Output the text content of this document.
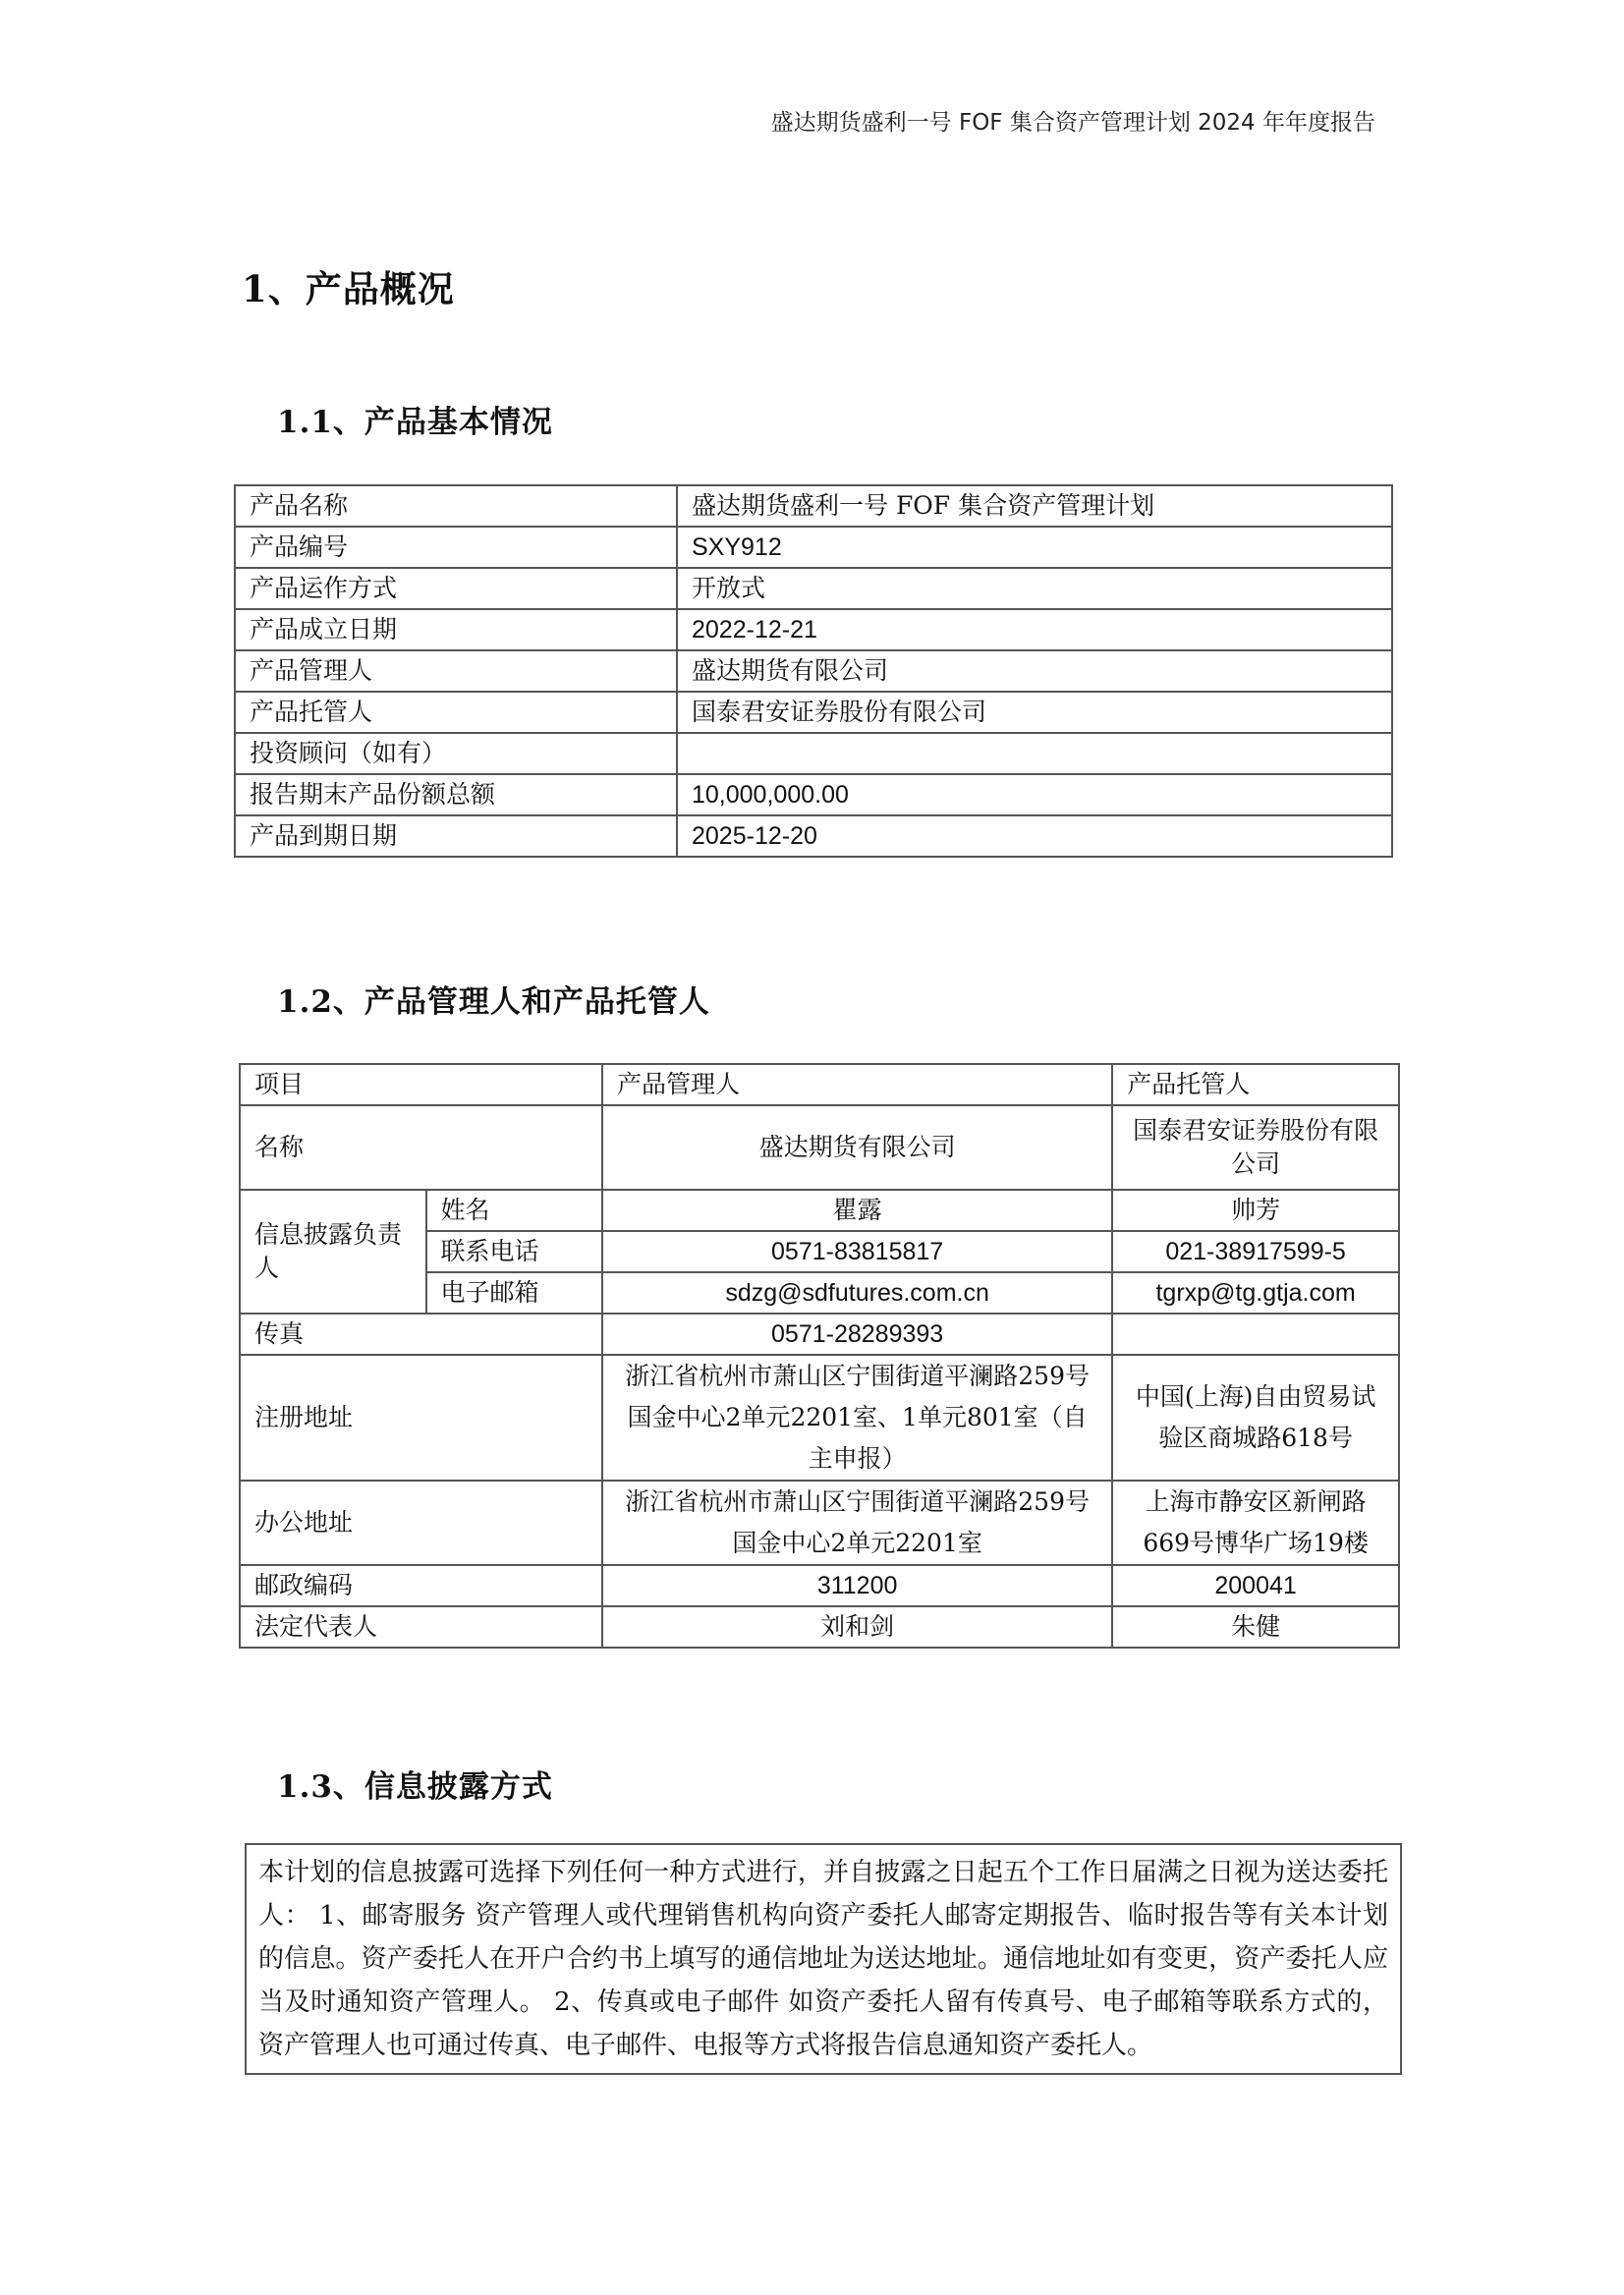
盛达期货盛利一号 FOF 集合资产管理计划 2024 年年度报告
1、产品概况
1.1、产品基本情况
产品名称	盛达期货盛利一号 FOF 集合资产管理计划
产品编号	SXY912
产品运作方式	开放式
产品成立日期	2022-12-21
产品管理人	盛达期货有限公司
产品托管人	国泰君安证券股份有限公司
投资顾问（如有）	
报告期末产品份额总额	10,000,000.00
产品到期日期	2025-12-20
1.2、产品管理人和产品托管人
项目		产品管理人	产品托管人
名称		盛达期货有限公司	国泰君安证券股份有限公司
信息披露负责人	姓名	瞿露	帅芳
	联系电话	0571-83815817	021-38917599-5
	电子邮箱	sdzg@sdfutures.com.cn	tgrxp@tg.gtja.com
传真		0571-28289393	
注册地址		浙江省杭州市萧山区宁围街道平澜路259号国金中心2单元2201室、1单元801室（自主申报）	中国(上海)自由贸易试验区商城路618号
办公地址		浙江省杭州市萧山区宁围街道平澜路259号国金中心2单元2201室	上海市静安区新闸路669号博华广场19楼
邮政编码		311200	200041
法定代表人		刘和剑	朱健
1.3、信息披露方式
本计划的信息披露可选择下列任何一种方式进行，并自披露之日起五个工作日届满之日视为送达委托人： 1、邮寄服务 资产管理人或代理销售机构向资产委托人邮寄定期报告、临时报告等有关本计划的信息。资产委托人在开户合约书上填写的通信地址为送达地址。通信地址如有变更，资产委托人应当及时通知资产管理人。 2、传真或电子邮件 如资产委托人留有传真号、电子邮箱等联系方式的，资产管理人也可通过传真、电子邮件、电报等方式将报告信息通知资产委托人。
